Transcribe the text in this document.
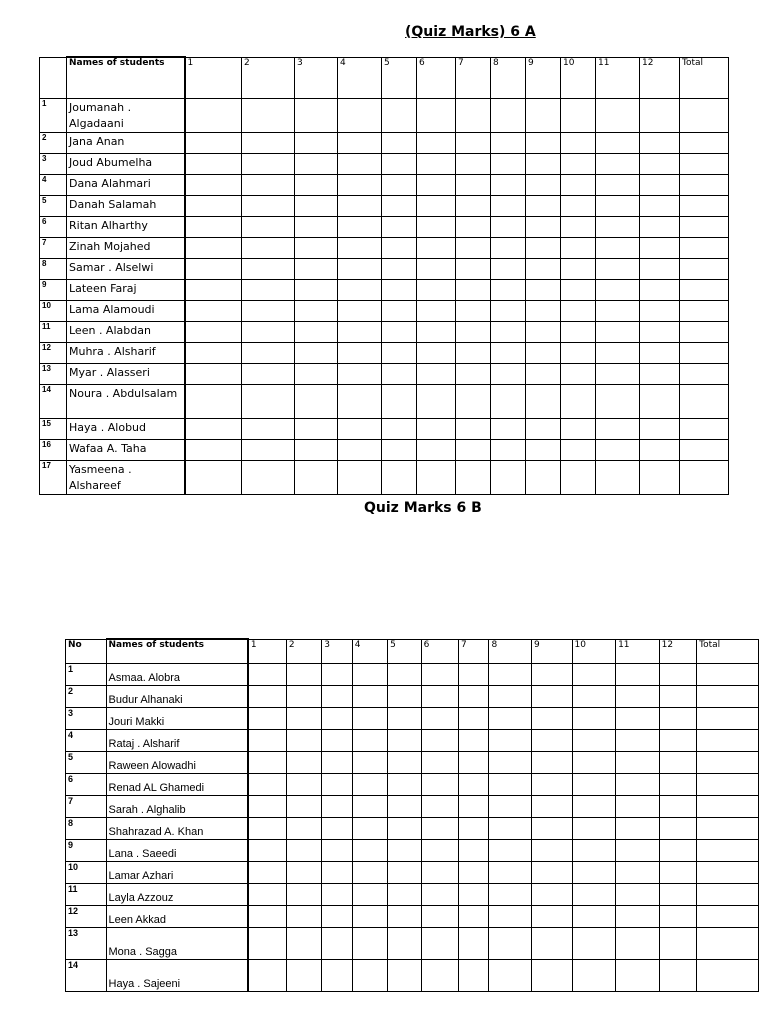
(Quiz Marks) 6 A
	Names of students	1	2	3	4	5	6	7	8	9	10	11	12	Total
1	Joumanah . Algadaani													
2	Jana Anan													
3	Joud Abumelha													
4	Dana Alahmari													
5	Danah Salamah													
6	Ritan Alharthy													
7	Zinah Mojahed													
8	Samar . Alselwi													
9	Lateen Faraj													
10	Lama Alamoudi													
11	Leen . Alabdan													
12	Muhra . Alsharif													
13	Myar . Alasseri													
14	Noura . Abdulsalam													
15	Haya . Alobud													
16	Wafaa A. Taha													
17	Yasmeena . Alshareef													
Quiz Marks 6 B
No	Names of students	1	2	3	4	5	6	7	8	9	10	11	12	Total
1	Asmaa. Alobra													
2	Budur Alhanaki													
3	Jouri Makki													
4	Rataj . Alsharif													
5	Raween Alowadhi													
6	Renad AL Ghamedi													
7	Sarah . Alghalib													
8	Shahrazad A. Khan													
9	Lana . Saeedi													
10	Lamar Azhari													
11	Layla Azzouz													
12	Leen Akkad													
13	Mona . Sagga													
14	Haya . Sajeeni													
